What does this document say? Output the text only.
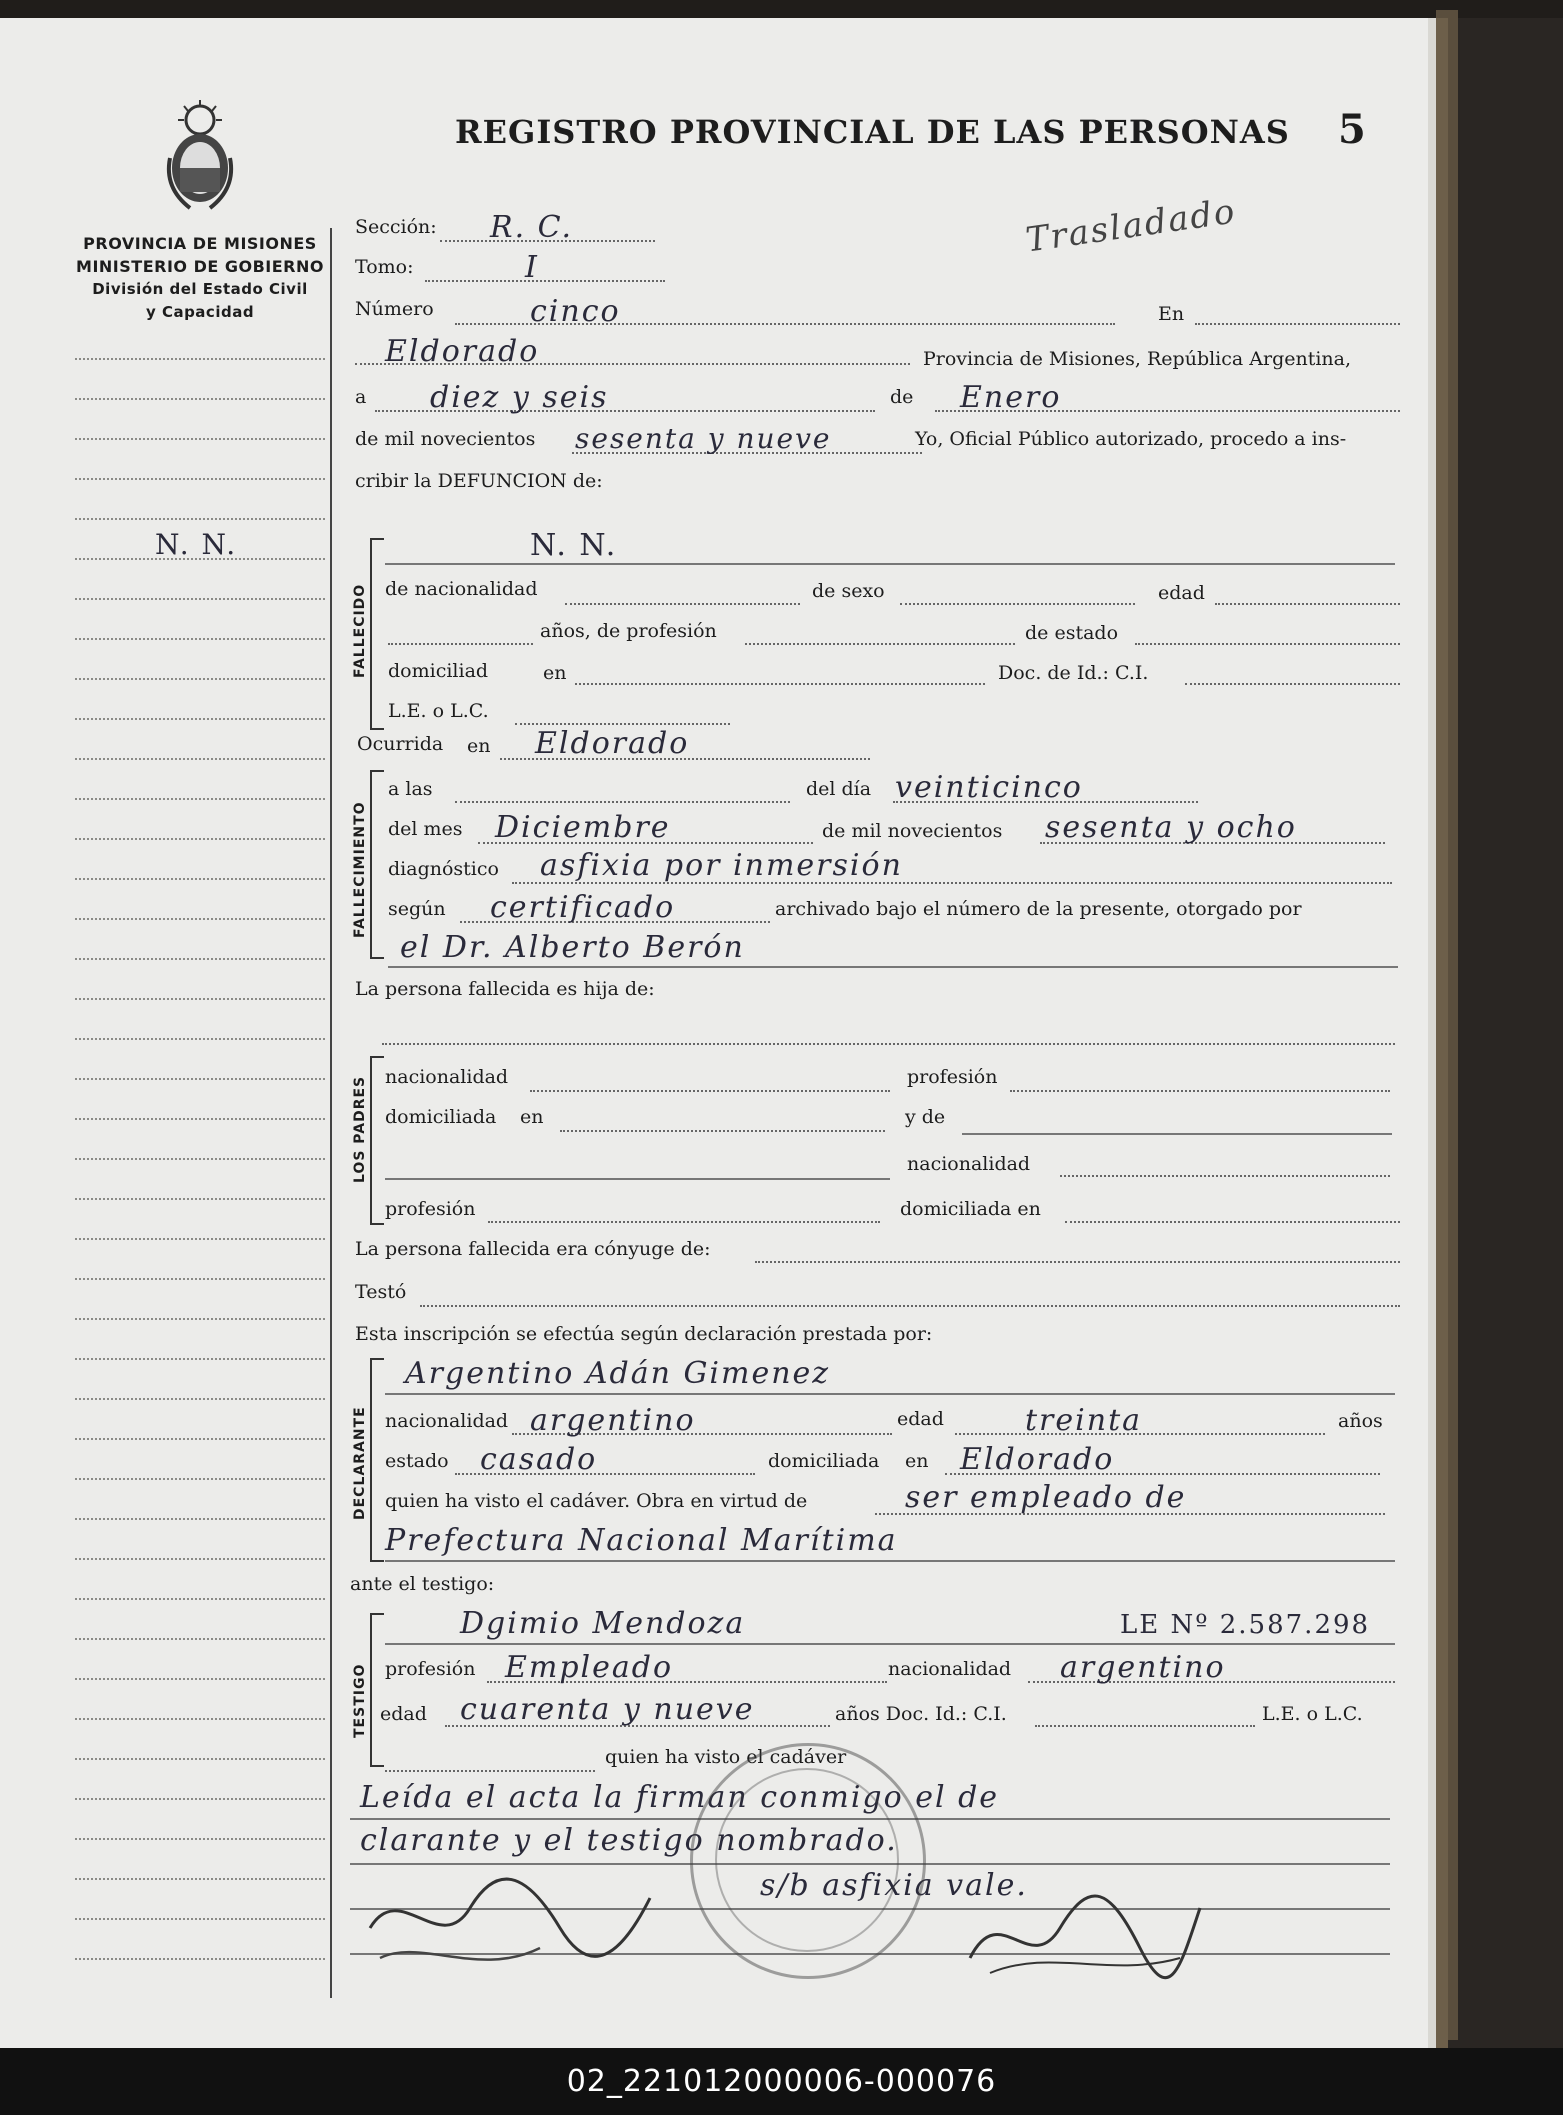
REGISTRO PROVINCIAL DE LAS PERSONAS 5
Trasladado
PROVINCIA DE MISIONES
MINISTERIO DE GOBIERNO
División del Estado Civil
y Capacidad
N. N.
Sección: R. C.
Tomo:	I
Número	cinco	En
Eldorado	Provincia de Misiones, República Argentina,
a diez y seis	de Enero
de mil novecientos sesenta y nueve	Yo, Oficial Público autorizado, procedo a ins-
cribir la DEFUNCION de:
FALLECIDO
N. N.
de nacionalidad	de sexo	edad
años, de profesión	de estado
domiciliad	en	Doc. de Id.: C.I.
L.E. o L.C.
Ocurrida en Eldorado
FALLECIMIENTO
a las	del día veinticinco
del mes Diciembre	de mil novecientos sesenta y ocho
diagnóstico asfixia por inmersión
según certificado	archivado bajo el número de la presente, otorgado por
el Dr. Alberto Berón
La persona fallecida es hija de:
LOS PADRES nacionalidad	profesión
domiciliada en	y de
nacionalidad
profesión	domiciliada en
La persona fallecida era cónyuge de:
Testó
Esta inscripción se efectúa según declaración prestada por:
DECLARANTE
Argentino Adán Gimenez
nacionalidad argentino	edad	treinta	años
estado casado	domiciliada en Eldorado
quien ha visto el cadáver. Obra en virtud de	ser empleado de
Prefectura Nacional Marítima
ante el testigo:
TESTIGO
Dgimio Mendoza	LE Nº 2.587.298
profesión Empleado	nacionalidad argentino
edad cuarenta y nueve	años Doc. Id.: C.I.	L.E. o L.C.
quien ha visto el cadáver
Leída el acta la firman conmigo el de
clarante y el testigo nombrado.
s/b asfixia vale.
02_221012000006-000076
